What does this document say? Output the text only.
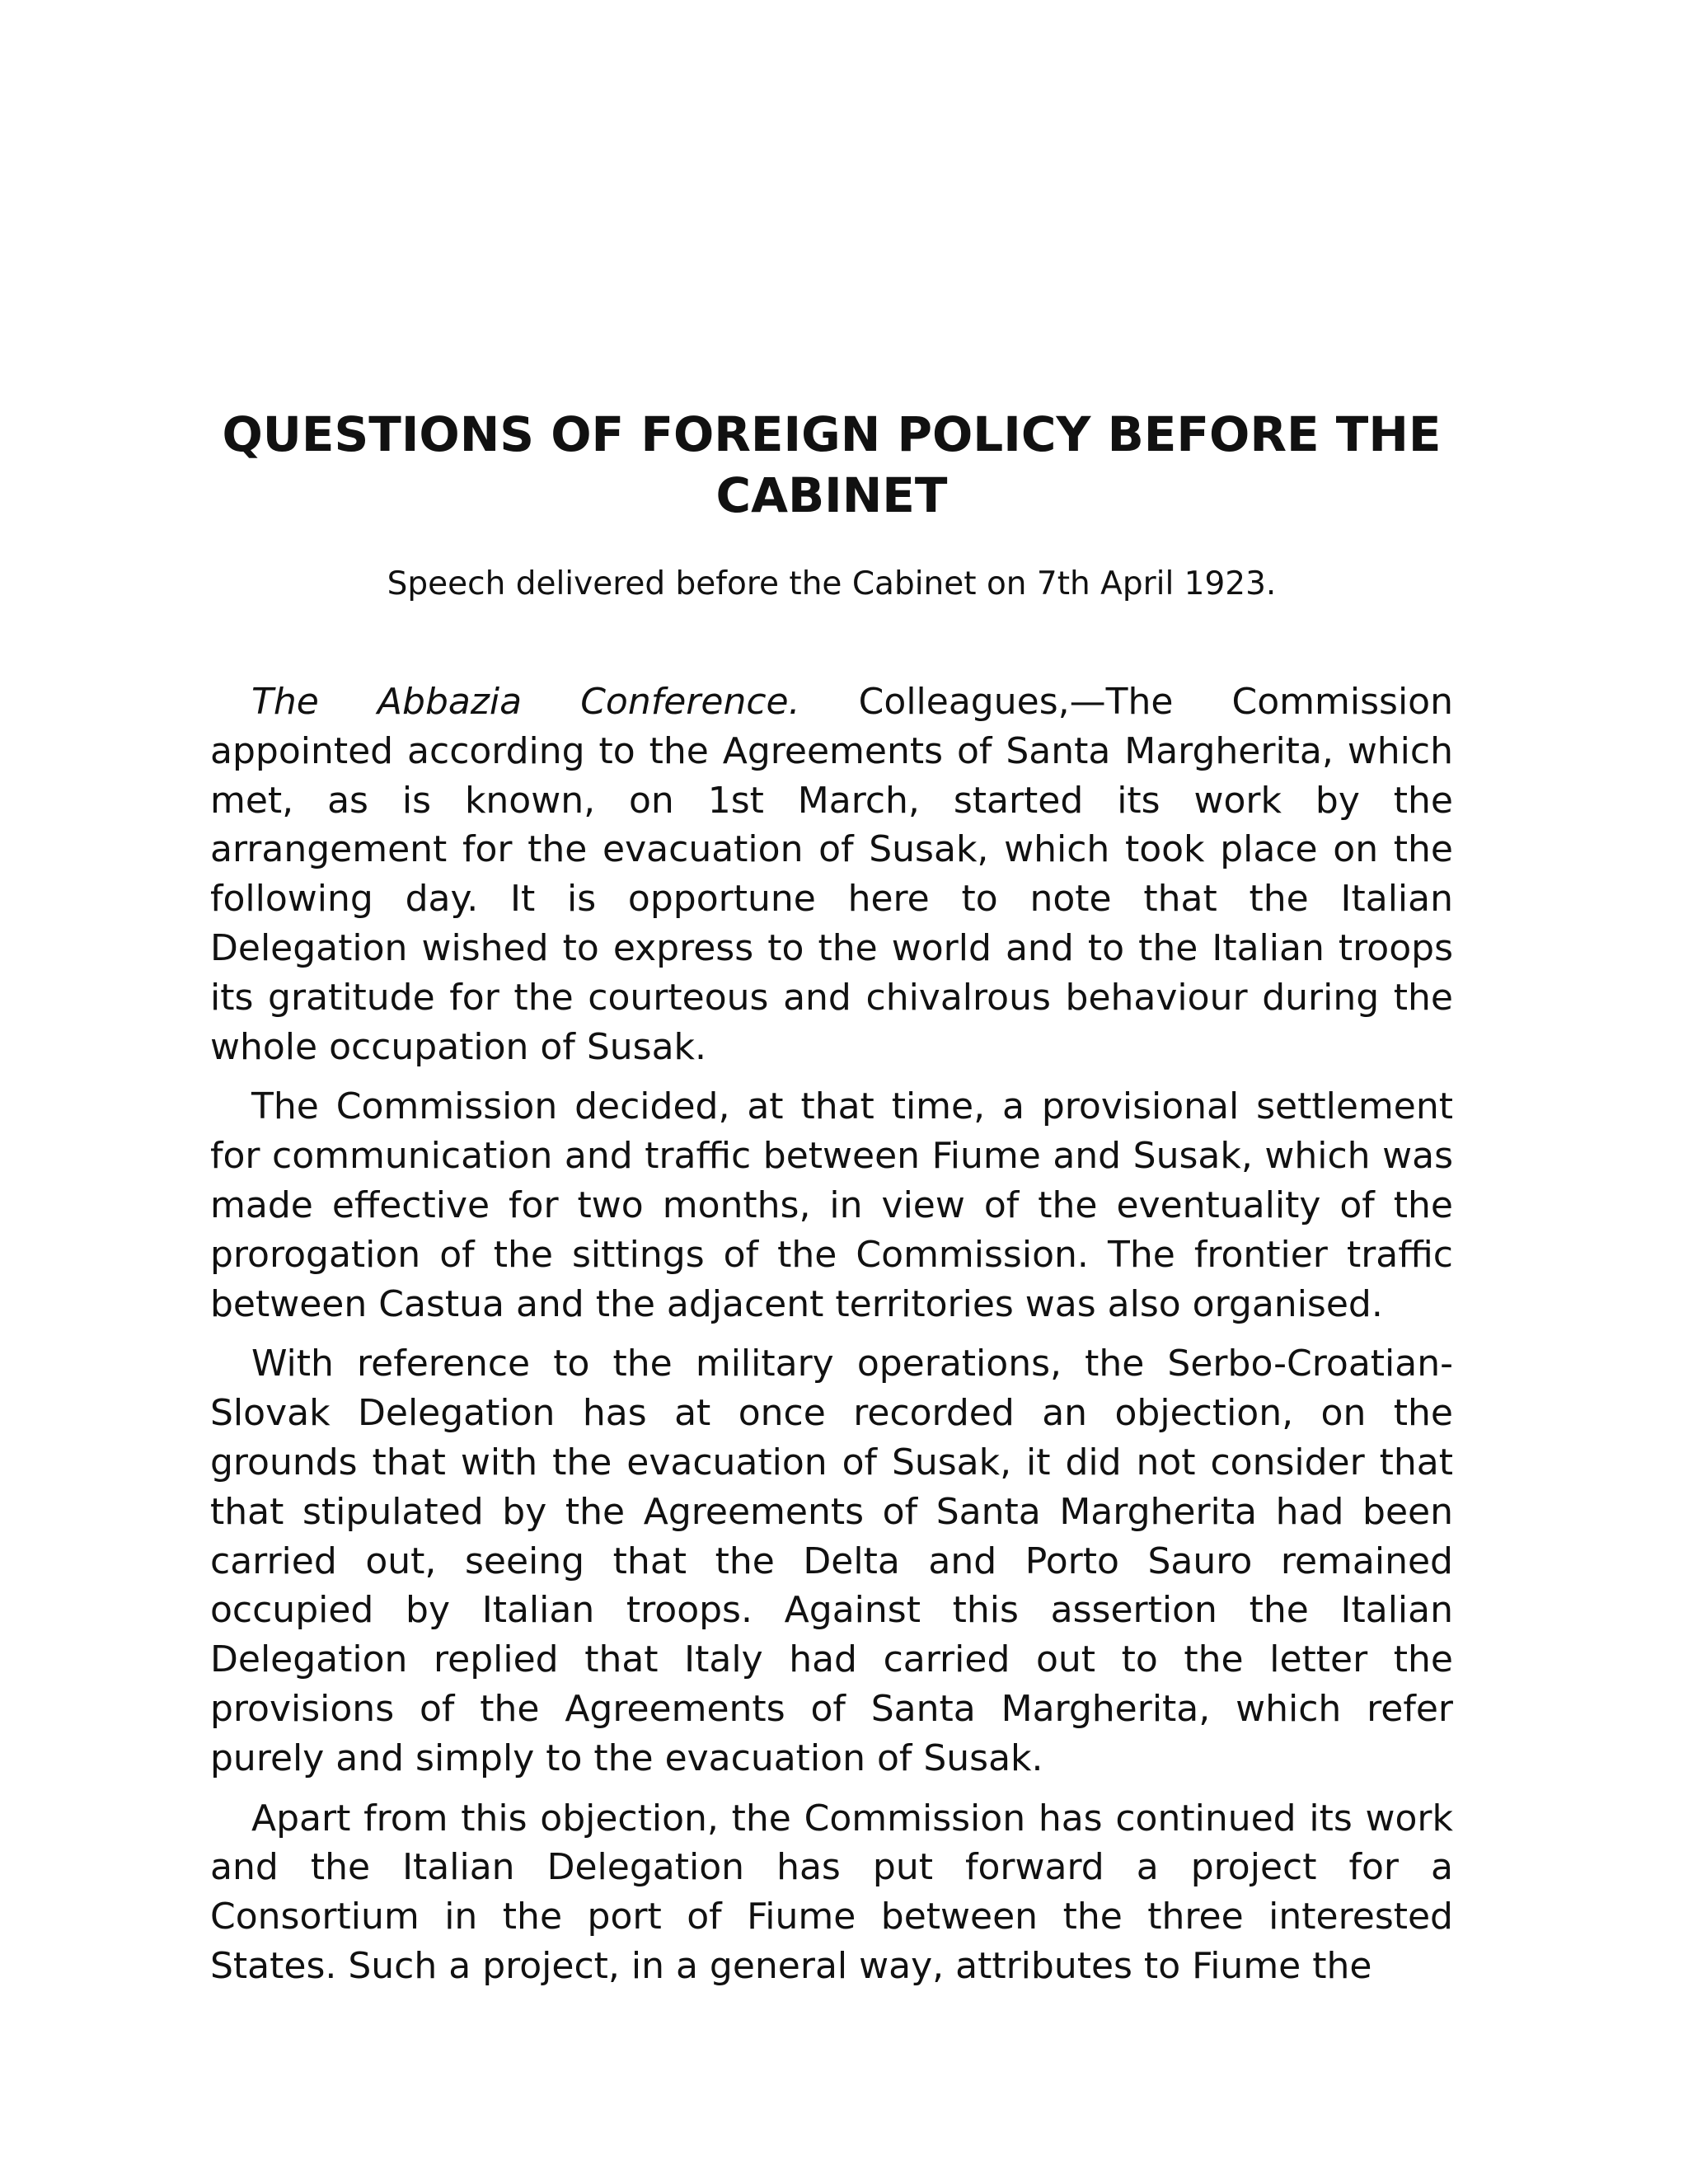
QUESTIONS OF FOREIGN POLICY BEFORE THE CABINET

Speech delivered before the Cabinet on 7th April 1923.

The Abbazia Conference. Colleagues,—The Commission appointed according to the Agreements of Santa Margherita, which met, as is known, on 1st March, started its work by the arrangement for the evacuation of Susak, which took place on the following day. It is opportune here to note that the Italian Delegation wished to express to the world and to the Italian troops its gratitude for the courteous and chivalrous behaviour during the whole occupation of Susak.

The Commission decided, at that time, a provisional settlement for communication and traffic between Fiume and Susak, which was made effective for two months, in view of the eventuality of the prorogation of the sittings of the Commission. The frontier traffic between Castua and the adjacent territories was also organised.

With reference to the military operations, the Serbo-Croatian-Slovak Delegation has at once recorded an objection, on the grounds that with the evacuation of Susak, it did not consider that that stipulated by the Agreements of Santa Margherita had been carried out, seeing that the Delta and Porto Sauro remained occupied by Italian troops. Against this assertion the Italian Delegation replied that Italy had carried out to the letter the provisions of the Agreements of Santa Margherita, which refer purely and simply to the evacuation of Susak.

Apart from this objection, the Commission has continued its work and the Italian Delegation has put forward a project for a Consortium in the port of Fiume between the three interested States. Such a project, in a general way, attributes to Fiume the
